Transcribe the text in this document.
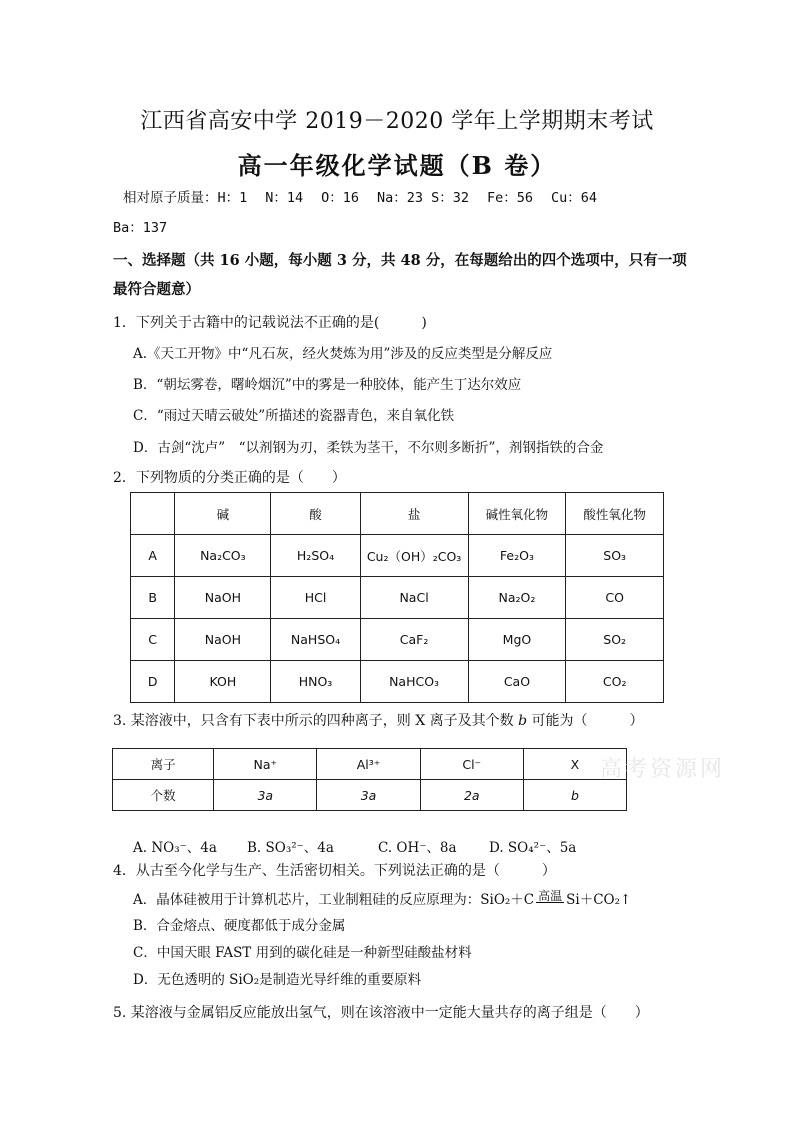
江西省高安中学 2019－2020 学年上学期期末考试
高一年级化学试题（B 卷）
相对原子质量：H：1 N：14 O：16 Na：23 S：32 Fe：56 Cu：64
Ba：137
一、选择题（共 16 小题，每小题 3 分，共 48 分，在每题给出的四个选项中，只有一项最符合题意）
1．下列关于古籍中的记载说法不正确的是(　　　)
A.《天工开物》中“凡石灰，经火焚炼为用”涉及的反应类型是分解反应
B．“朝坛雾卷，曙岭烟沉”中的雾是一种胶体，能产生丁达尔效应
C．“雨过天晴云破处”所描述的瓷器青色，来自氧化铁
D．古剑“沈卢”　“以剂钢为刃，柔铁为茎干，不尔则多断折”，剂钢指铁的合金
2．下列物质的分类正确的是（　　）
	碱	酸	盐	碱性氧化物	酸性氧化物
A	Na₂CO₃	H₂SO₄	Cu₂（OH）₂CO₃	Fe₂O₃	SO₃
B	NaOH	HCl	NaCl	Na₂O₂	CO
C	NaOH	NaHSO₄	CaF₂	MgO	SO₂
D	KOH	HNO₃	NaHCO₃	CaO	CO₂
3. 某溶液中，只含有下表中所示的四种离子，则 X 离子及其个数 b 可能为（　　　）
离子	Na⁺	Al³⁺	Cl⁻	X
个数	3a	3a	2a	b
高考资源网
A. NO₃⁻、4a B. SO₃²⁻、4a	C. OH⁻、8a D. SO₄²⁻、5a
4．从古至今化学与生产、生活密切相关。下列说法正确的是（　　　）
A．晶体硅被用于计算机芯片，工业制粗硅的反应原理为：SiO₂＋C 高温 Si＋CO₂↑
B．合金熔点、硬度都低于成分金属
C．中国天眼 FAST 用到的碳化硅是一种新型硅酸盐材料
D．无色透明的 SiO₂是制造光导纤维的重要原料
5. 某溶液与金属铝反应能放出氢气，则在该溶液中一定能大量共存的离子组是（　　）
